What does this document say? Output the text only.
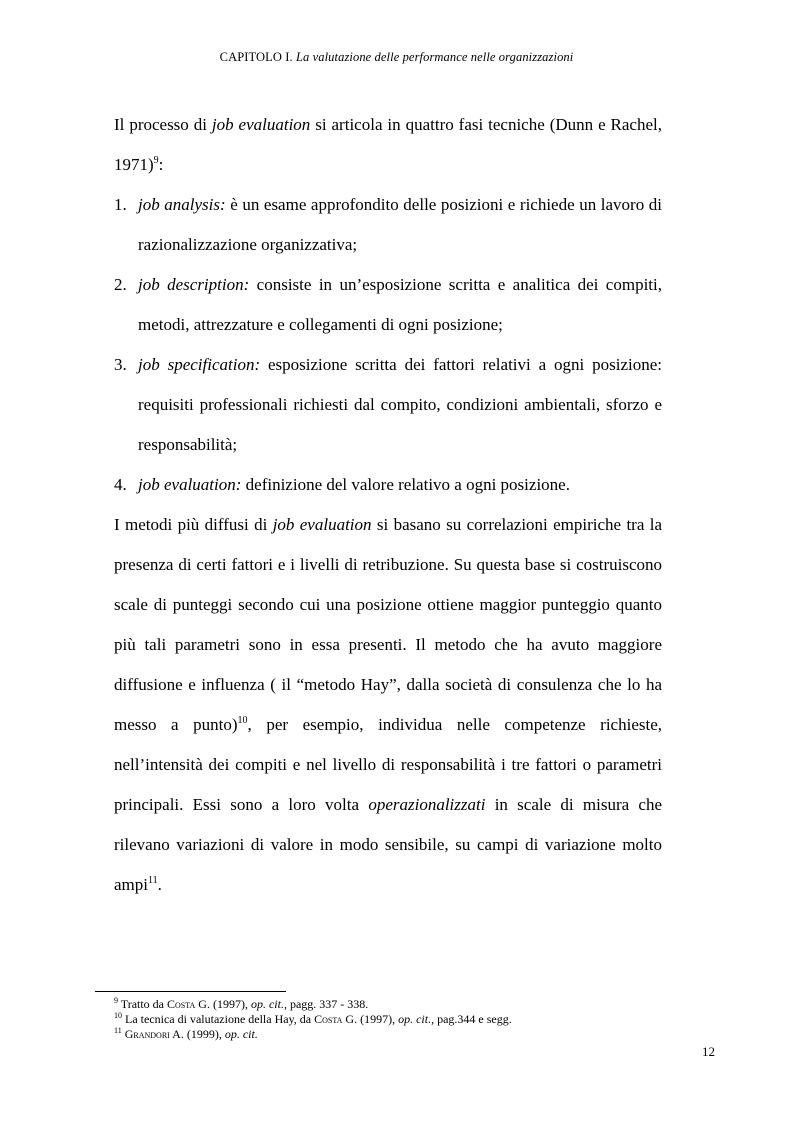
CAPITOLO I. La valutazione delle performance nelle organizzazioni

Il processo di job evaluation si articola in quattro fasi tecniche (Dunn e Rachel, 1971)$^9$:

1. job analysis: è un esame approfondito delle posizioni e richiede un lavoro di razionalizzazione organizzativa;
2. job description: consiste in un’esposizione scritta e analitica dei compiti, metodi, attrezzature e collegamenti di ogni posizione;
3. job specification: esposizione scritta dei fattori relativi a ogni posizione: requisiti professionali richiesti dal compito, condizioni ambientali, sforzo e responsabilità;
4. job evaluation: definizione del valore relativo a ogni posizione.

I metodi più diffusi di job evaluation si basano su correlazioni empiriche tra la presenza di certi fattori e i livelli di retribuzione. Su questa base si costruiscono scale di punteggi secondo cui una posizione ottiene maggior punteggio quanto più tali parametri sono in essa presenti. Il metodo che ha avuto maggiore diffusione e influenza ( il “metodo Hay”, dalla società di consulenza che lo ha messo a punto)$^{10}$, per esempio, individua nelle competenze richieste, nell’intensità dei compiti e nel livello di responsabilità i tre fattori o parametri principali. Essi sono a loro volta operazionalizzati in scale di misura che rilevano variazioni di valore in modo sensibile, su campi di variazione molto ampi$^{11}$.

$^9$ Tratto da Costa G. (1997), op. cit., pagg. 337 - 338.
$^{10}$ La tecnica di valutazione della Hay, da Costa G. (1997), op. cit., pag.344 e segg.
$^{11}$ Grandori A. (1999), op. cit.
12
